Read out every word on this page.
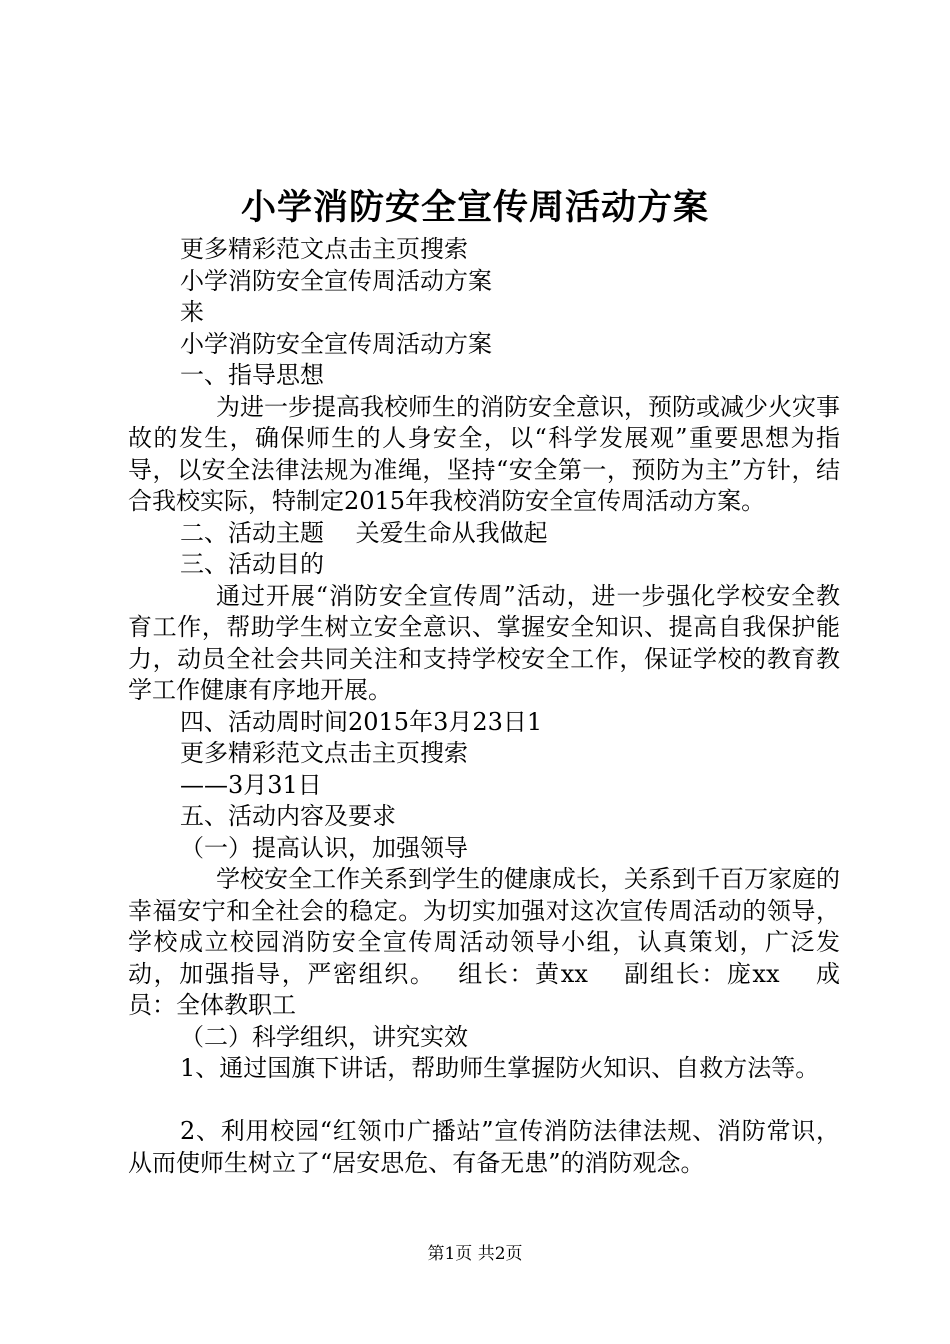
小学消防安全宣传周活动方案

更多精彩范文点击主页搜索

小学消防安全宣传周活动方案

来

小学消防安全宣传周活动方案

一、指导思想

为进一步提高我校师生的消防安全意识，预防或减少火灾事故的发生，确保师生的人身安全，以“科学发展观”重要思想为指导，以安全法律法规为准绳，坚持“安全第一，预防为主”方针，结合我校实际，特制定2015年我校消防安全宣传周活动方案。

二、活动主题　 关爱生命从我做起

三、活动目的

通过开展“消防安全宣传周”活动，进一步强化学校安全教育工作，帮助学生树立安全意识、掌握安全知识、提高自我保护能力，动员全社会共同关注和支持学校安全工作，保证学校的教育教学工作健康有序地开展。

四、活动周时间2015年3月23日1

更多精彩范文点击主页搜索

——3月31日

五、活动内容及要求

（一）提高认识，加强领导

学校安全工作关系到学生的健康成长，关系到千百万家庭的幸福安宁和全社会的稳定。为切实加强对这次宣传周活动的领导，学校成立校园消防安全宣传周活动领导小组，认真策划，广泛发动，加强指导，严密组织。　 组长：黄xx　 副组长：庞xx　 成员：全体教职工

（二）科学组织，讲究实效

1、通过国旗下讲话，帮助师生掌握防火知识、自救方法等。

2、利用校园“红领巾广播站”宣传消防法律法规、消防常识，从而使师生树立了“居安思危、有备无患”的消防观念。

第1页 共2页
